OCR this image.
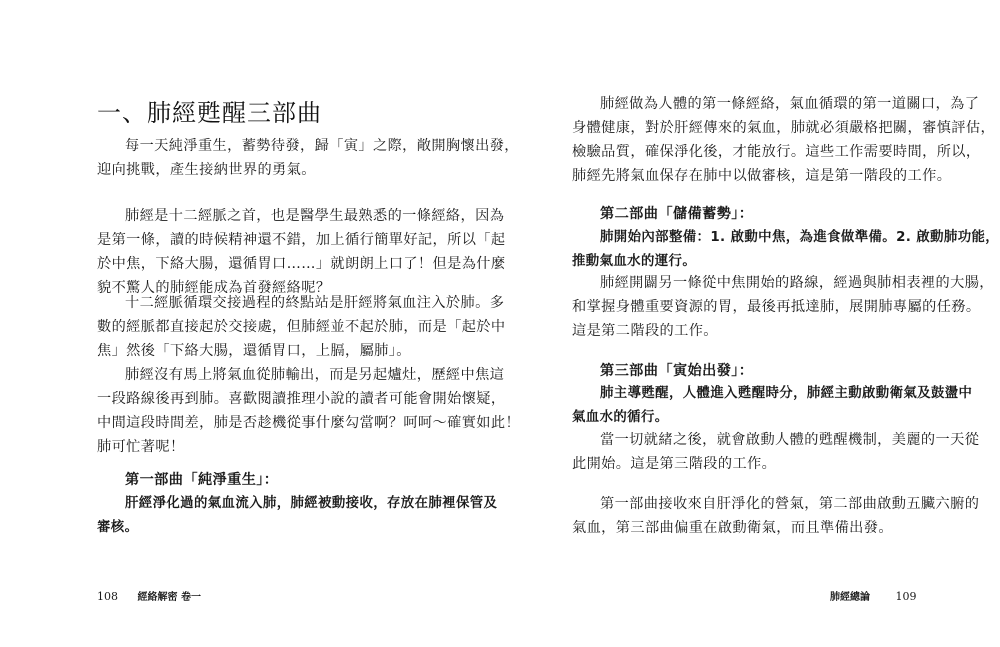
一、肺經甦醒三部曲
每一天純淨重生，蓄勢待發，歸「寅」之際，敞開胸懷出發，
迎向挑戰，產生接納世界的勇氣。
肺經是十二經脈之首，也是醫學生最熟悉的一條經絡，因為
是第一條，讀的時候精神還不錯，加上循行簡單好記，所以「起
於中焦，下絡大腸，還循胃口……」就朗朗上口了！但是為什麼
貌不驚人的肺經能成為首發經絡呢？
十二經脈循環交接過程的終點站是肝經將氣血注入於肺。多
數的經脈都直接起於交接處，但肺經並不起於肺，而是「起於中
焦」然後「下絡大腸，還循胃口，上膈，屬肺」。
肺經沒有馬上將氣血從肺輸出，而是另起爐灶，歷經中焦這
一段路線後再到肺。喜歡閱讀推理小說的讀者可能會開始懷疑，
中間這段時間差，肺是否趁機從事什麼勾當啊？呵呵～確實如此！
肺可忙著呢！
第一部曲「純淨重生」：
肝經淨化過的氣血流入肺，肺經被動接收，存放在肺裡保管及
審核。
108 經絡解密 卷一
肺經做為人體的第一條經絡，氣血循環的第一道關口，為了
身體健康，對於肝經傳來的氣血，肺就必須嚴格把關，審慎評估，
檢驗品質，確保淨化後，才能放行。這些工作需要時間，所以，
肺經先將氣血保存在肺中以做審核，這是第一階段的工作。
第二部曲「儲備蓄勢」：
肺開始內部整備：1. 啟動中焦，為進食做準備。2. 啟動肺功能，
推動氣血水的運行。
肺經開闢另一條從中焦開始的路線，經過與肺相表裡的大腸，
和掌握身體重要資源的胃，最後再抵達肺，展開肺專屬的任務。
這是第二階段的工作。
第三部曲「寅始出發」：
肺主導甦醒，人體進入甦醒時分，肺經主動啟動衛氣及鼓盪中
氣血水的循行。
當一切就緒之後，就會啟動人體的甦醒機制，美麗的一天從
此開始。這是第三階段的工作。
第一部曲接收來自肝淨化的營氣，第二部曲啟動五臟六腑的
氣血，第三部曲偏重在啟動衛氣，而且準備出發。
肺經總論 109
